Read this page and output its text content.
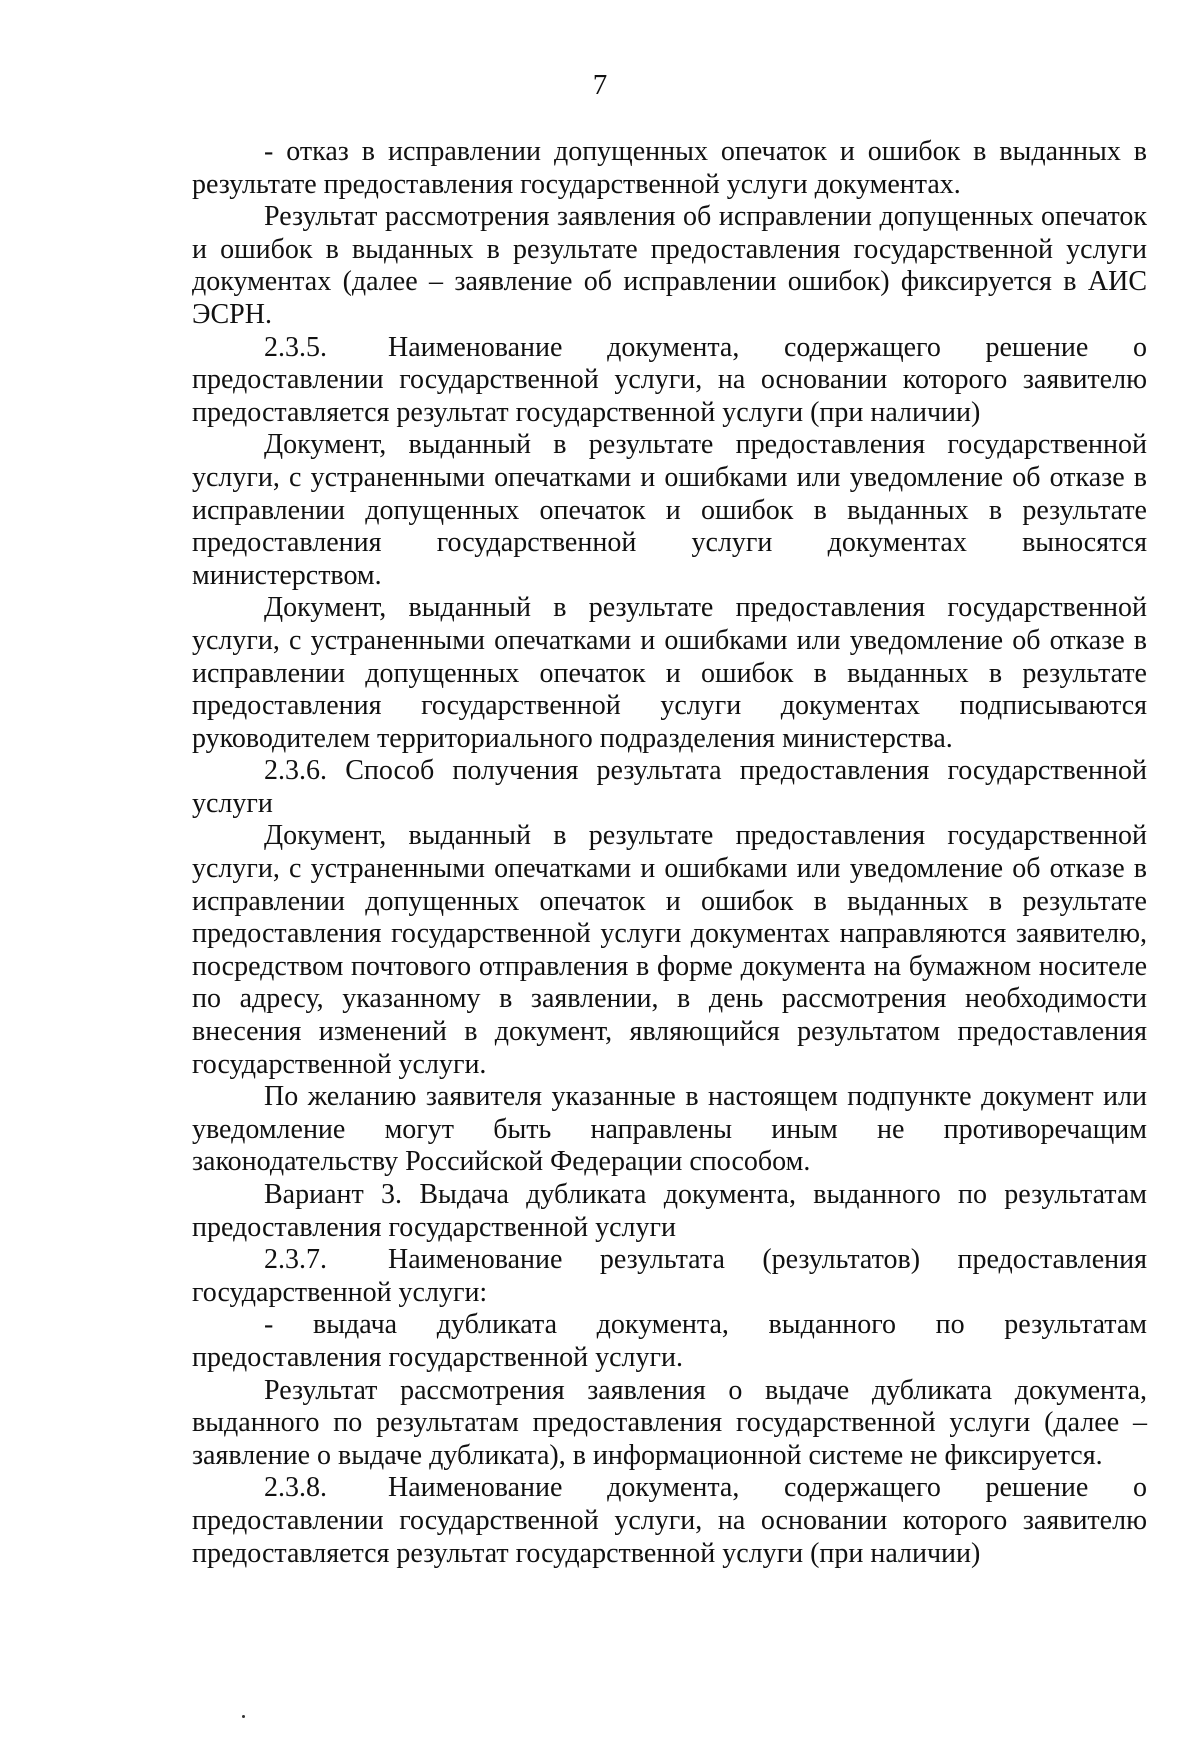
7

- отказ в исправлении допущенных опечаток и ошибок в выданных в результате предоставления государственной услуги документах.

Результат рассмотрения заявления об исправлении допущенных опечаток и ошибок в выданных в результате предоставления государственной услуги документах (далее – заявление об исправлении ошибок) фиксируется в АИС ЭСРН.

2.3.5. Наименование документа, содержащего решение о предоставлении государственной услуги, на основании которого заявителю предоставляется результат государственной услуги (при наличии)

Документ, выданный в результате предоставления государственной услуги, с устраненными опечатками и ошибками или уведомление об отказе в исправлении допущенных опечаток и ошибок в выданных в результате предоставления государственной услуги документах выносятся министерством.

Документ, выданный в результате предоставления государственной услуги, с устраненными опечатками и ошибками или уведомление об отказе в исправлении допущенных опечаток и ошибок в выданных в результате предоставления государственной услуги документах подписываются руководителем территориального подразделения министерства.

2.3.6. Способ получения результата предоставления государственной услуги

Документ, выданный в результате предоставления государственной услуги, с устраненными опечатками и ошибками или уведомление об отказе в исправлении допущенных опечаток и ошибок в выданных в результате предоставления государственной услуги документах направляются заявителю, посредством почтового отправления в форме документа на бумажном носителе по адресу, указанному в заявлении, в день рассмотрения необходимости внесения изменений в документ, являющийся результатом предоставления государственной услуги.

По желанию заявителя указанные в настоящем подпункте документ или уведомление могут быть направлены иным не противоречащим законодательству Российской Федерации способом.

Вариант 3. Выдача дубликата документа, выданного по результатам предоставления государственной услуги

2.3.7. Наименование результата (результатов) предоставления государственной услуги:

- выдача дубликата документа, выданного по результатам предоставления государственной услуги.

Результат рассмотрения заявления о выдаче дубликата документа, выданного по результатам предоставления государственной услуги (далее – заявление о выдаче дубликата), в информационной системе не фиксируется.

2.3.8. Наименование документа, содержащего решение о предоставлении государственной услуги, на основании которого заявителю предоставляется результат государственной услуги (при наличии)
